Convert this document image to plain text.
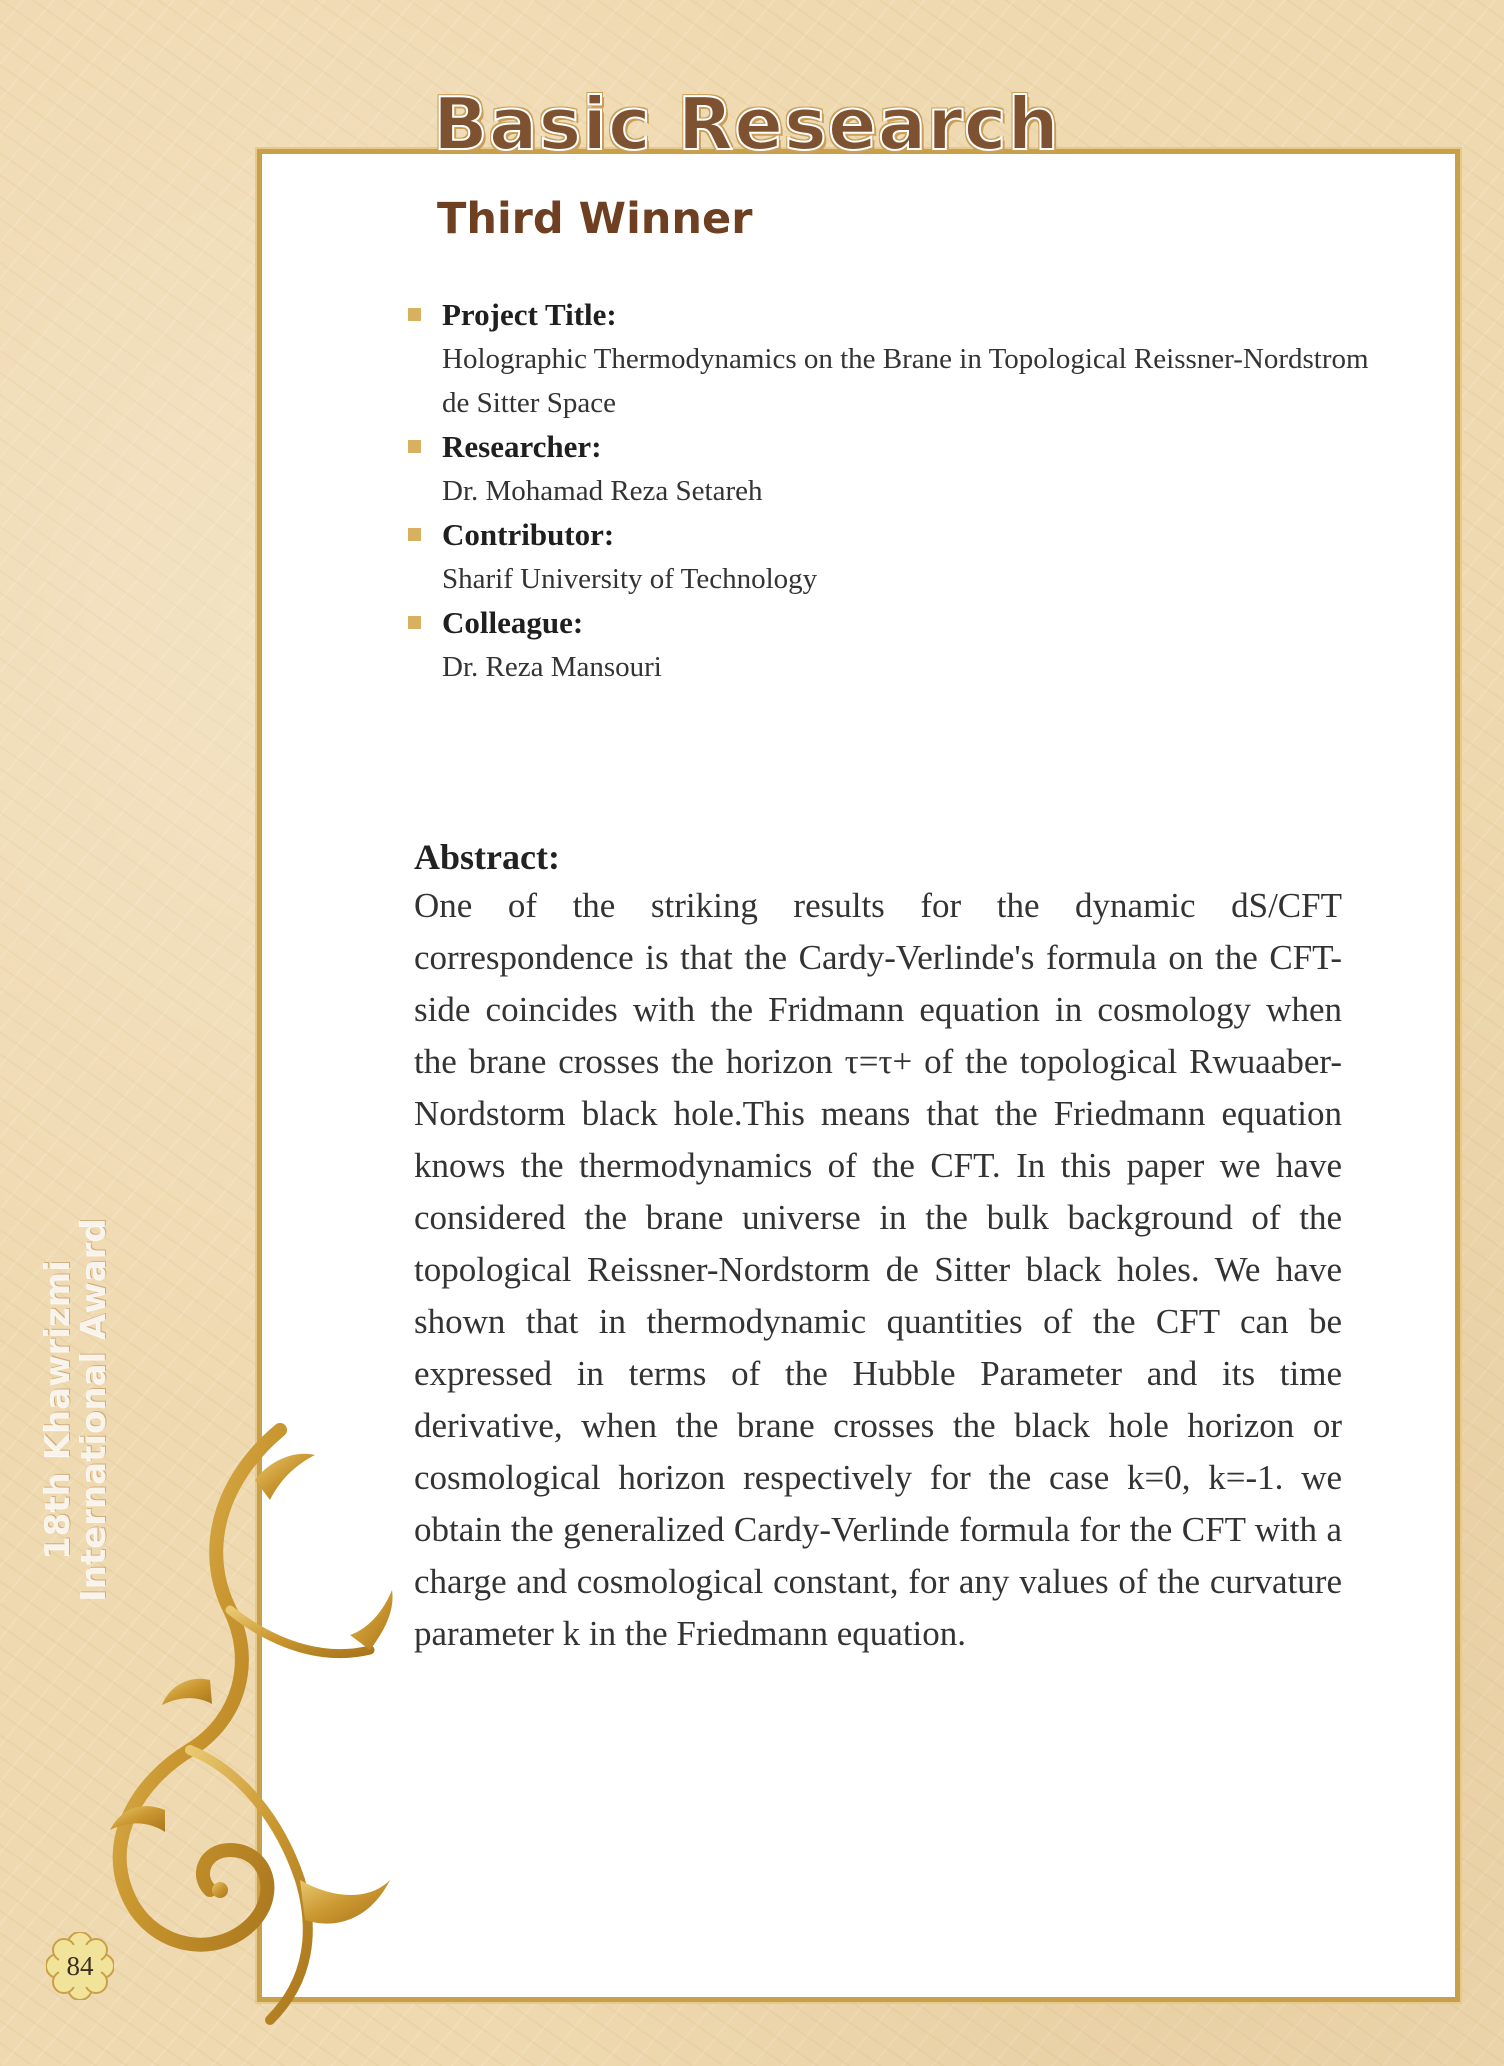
Basic Research
Third Winner
Project Title:
Holographic Thermodynamics on the Brane in Topological Reissner-Nordstrom de Sitter Space
Researcher:
Dr. Mohamad Reza Setareh
Contributor:
Sharif University of Technology
Colleague:
Dr. Reza Mansouri
Abstract:

One of the striking results for the dynamic dS/CFT correspondence is that the Cardy-Verlinde's formula on the CFT-side coincides with the Fridmann equation in cosmology when the brane crosses the horizon τ=τ+ of the topological Rwuaaber-Nordstorm black hole.This means that the Friedmann equation knows the thermodynamics of the CFT. In this paper we have considered the brane universe in the bulk background of the topological Reissner-Nordstorm de Sitter black holes. We have shown that in thermodynamic quantities of the CFT can be expressed in terms of the Hubble Parameter and its time derivative, when the brane crosses the black hole horizon or cosmological horizon respectively for the case k=0, k=-1. we obtain the generalized Cardy-Verlinde formula for the CFT with a charge and cosmological constant, for any values of the curvature parameter k in the Friedmann equation.

18th Khawrizmi
International Award
84
